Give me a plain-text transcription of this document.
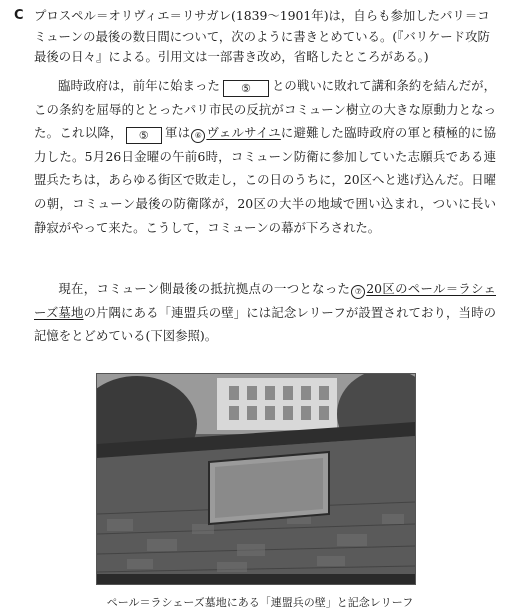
C プロスペル＝オリヴィエ＝リサガレ(1839～1901年)は，自らも参加したパリ＝コミューンの最後の数日間について，次のように書きとめている。(『バリケード攻防最後の日々』による。引用文は一部書き改め，省略したところがある。)
臨時政府は，前年に始まった ⑤ との戦いに敗れて講和条約を結んだが，この条約を屈辱的ととったパリ市民の反抗がコミューン樹立の大きな原動力となった。これ以降， ⑤ 軍は ⑥ ヴェルサイユに避難した臨時政府の軍と積極的に協力した。5月26日金曜の午前6時，コミューン防衛に参加していた志願兵である連盟兵たちは，あらゆる街区で敗走し，この日のうちに，20区へと逃げ込んだ。日曜の朝，コミューン最後の防衛隊が，20区の大半の地域で囲い込まれ，ついに長い静寂がやって来た。こうして，コミューンの幕が下ろされた。
現在，コミューン側最後の抵抗拠点の一つとなった ⑦ 20区のペール＝ラシェーズ墓地の片隅にある「連盟兵の壁」には記念レリーフが設置されており，当時の記憶をとどめている(下図参照)。
ペール＝ラシェーズ墓地にある「連盟兵の壁」と記念レリーフ
